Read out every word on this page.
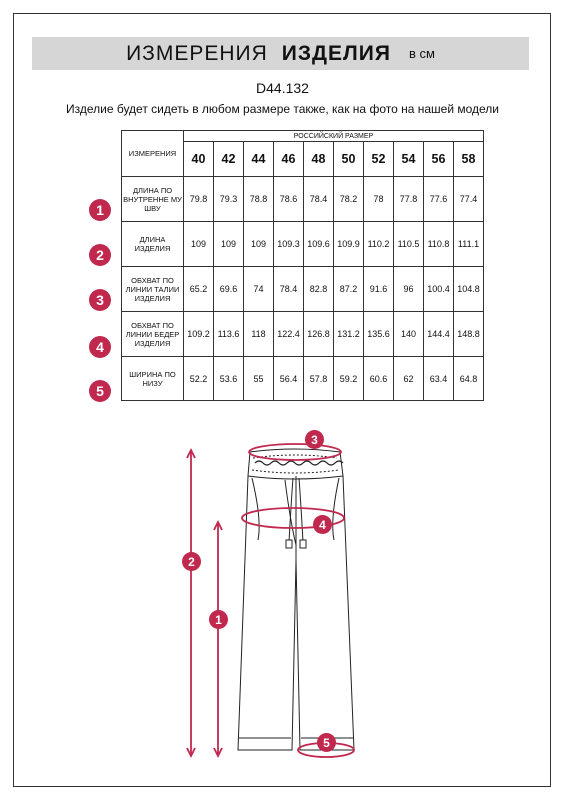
ИЗМЕРЕНИЯ ИЗДЕЛИЯ в см
D44.132
Изделие будет сидеть в любом размере также, как на фото на нашей модели
ИЗМЕРЕНИЯ	РОССИЙСКИЙ РАЗМЕР									
	40	42	44	46	48	50	52	54	56	58
ДЛИНА ПО ВНУТРЕННЕ МУ ШВУ	79.8	79.3	78.8	78.6	78.4	78.2	78	77.8	77.6	77.4
ДЛИНА ИЗДЕЛИЯ	109	109	109	109.3	109.6	109.9	110.2	110.5	110.8	111.1
ОБХВАТ ПО ЛИНИИ ТАЛИИ ИЗДЕЛИЯ	65.2	69.6	74	78.4	82.8	87.2	91.6	96	100.4	104.8
ОБХВАТ ПО ЛИНИИ БЕДЕР ИЗДЕЛИЯ	109.2	113.6	118	122.4	126.8	131.2	135.6	140	144.4	148.8
ШИРИНА ПО НИЗУ	52.2	53.6	55	56.4	57.8	59.2	60.6	62	63.4	64.8
1
2
3
4
5
3
4
2
1
5
